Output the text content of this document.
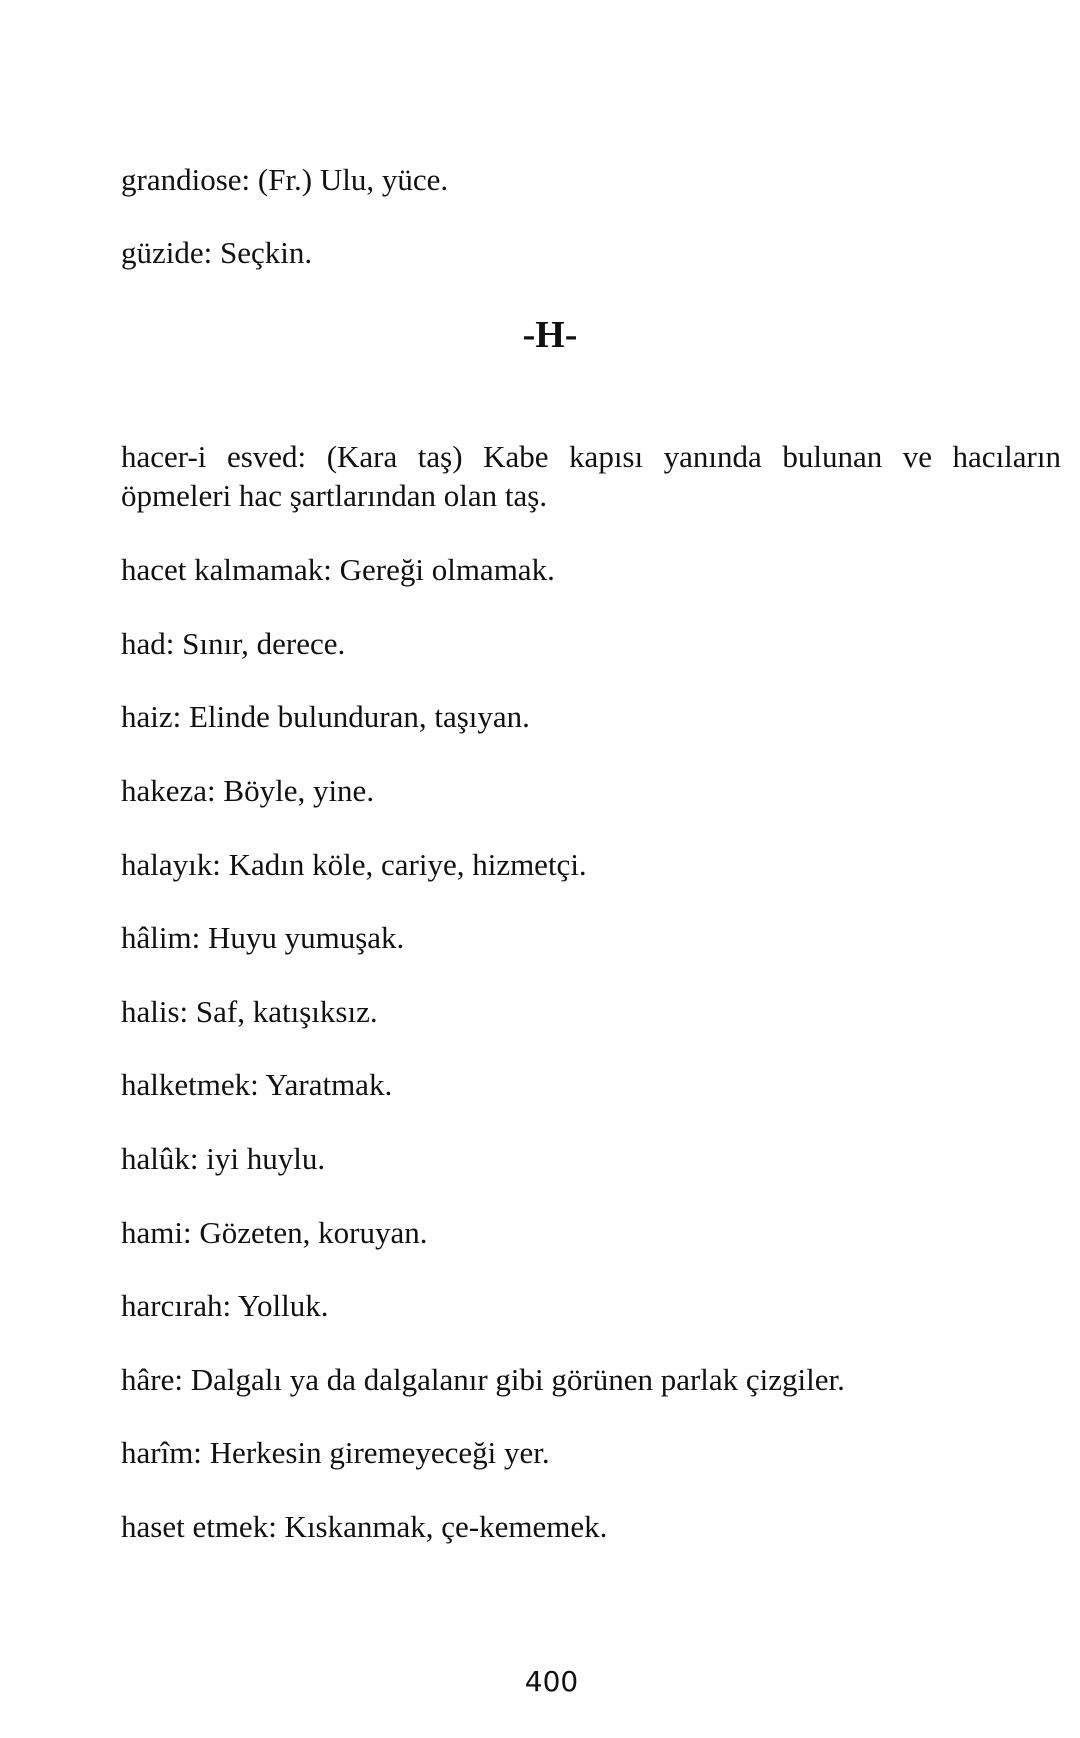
grandiose: (Fr.) Ulu, yüce.
güzide: Seçkin.
-H-
hacer-i esved: (Kara taş) Kabe kapısı yanında bulunan ve hacıların öpmeleri hac şartlarından olan taş.
hacet kalmamak: Gereği olmamak.
had: Sınır, derece.
haiz: Elinde bulunduran, taşıyan.
hakeza: Böyle, yine.
halayık: Kadın köle, cariye, hizmetçi.
hâlim: Huyu yumuşak.
halis: Saf, katışıksız.
halketmek: Yaratmak.
halûk: iyi huylu.
hami: Gözeten, koruyan.
harcırah: Yolluk.
hâre: Dalgalı ya da dalgalanır gibi görünen parlak çizgiler.
harîm: Herkesin giremeyeceği yer.
haset etmek: Kıskanmak, çe-kememek.
400
